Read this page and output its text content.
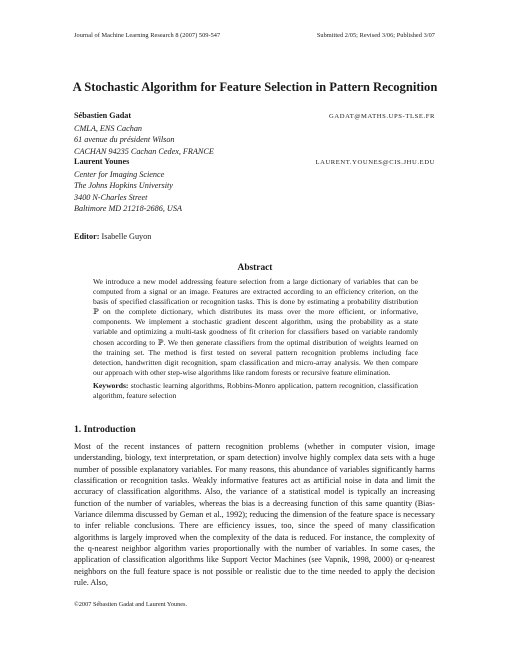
Journal of Machine Learning Research 8 (2007) 509-547	Submitted 2/05; Revised 3/06; Published 3/07
A Stochastic Algorithm for Feature Selection in Pattern Recognition
Sébastien Gadat	GADAT@MATHS.UPS-TLSE.FR
CMLA, ENS Cachan
61 avenue du président Wilson
CACHAN 94235 Cachan Cedex, FRANCE
Laurent Younes	LAURENT.YOUNES@CIS.JHU.EDU
Center for Imaging Science
The Johns Hopkins University
3400 N-Charles Street
Baltimore MD 21218-2686, USA
Editor: Isabelle Guyon
Abstract

We introduce a new model addressing feature selection from a large dictionary of variables that can be computed from a signal or an image. Features are extracted according to an efficiency criterion, on the basis of specified classification or recognition tasks. This is done by estimating a probability distribution ℙ on the complete dictionary, which distributes its mass over the more efficient, or informative, components. We implement a stochastic gradient descent algorithm, using the probability as a state variable and optimizing a multi-task goodness of fit criterion for classifiers based on variable randomly chosen according to ℙ. We then generate classifiers from the optimal distribution of weights learned on the training set. The method is first tested on several pattern recognition problems including face detection, handwritten digit recognition, spam classification and micro-array analysis. We then compare our approach with other step-wise algorithms like random forests or recursive feature elimination.

Keywords: stochastic learning algorithms, Robbins-Monro application, pattern recognition, classification algorithm, feature selection

1. Introduction

Most of the recent instances of pattern recognition problems (whether in computer vision, image understanding, biology, text interpretation, or spam detection) involve highly complex data sets with a huge number of possible explanatory variables. For many reasons, this abundance of variables significantly harms classification or recognition tasks. Weakly informative features act as artificial noise in data and limit the accuracy of classification algorithms. Also, the variance of a statistical model is typically an increasing function of the number of variables, whereas the bias is a decreasing function of this same quantity (Bias-Variance dilemma discussed by Geman et al., 1992); reducing the dimension of the feature space is necessary to infer reliable conclusions. There are efficiency issues, too, since the speed of many classification algorithms is largely improved when the complexity of the data is reduced. For instance, the complexity of the q-nearest neighbor algorithm varies proportionally with the number of variables. In some cases, the application of classification algorithms like Support Vector Machines (see Vapnik, 1998, 2000) or q-nearest neighbors on the full feature space is not possible or realistic due to the time needed to apply the decision rule. Also,

©2007 Sébastien Gadat and Laurent Younes.
